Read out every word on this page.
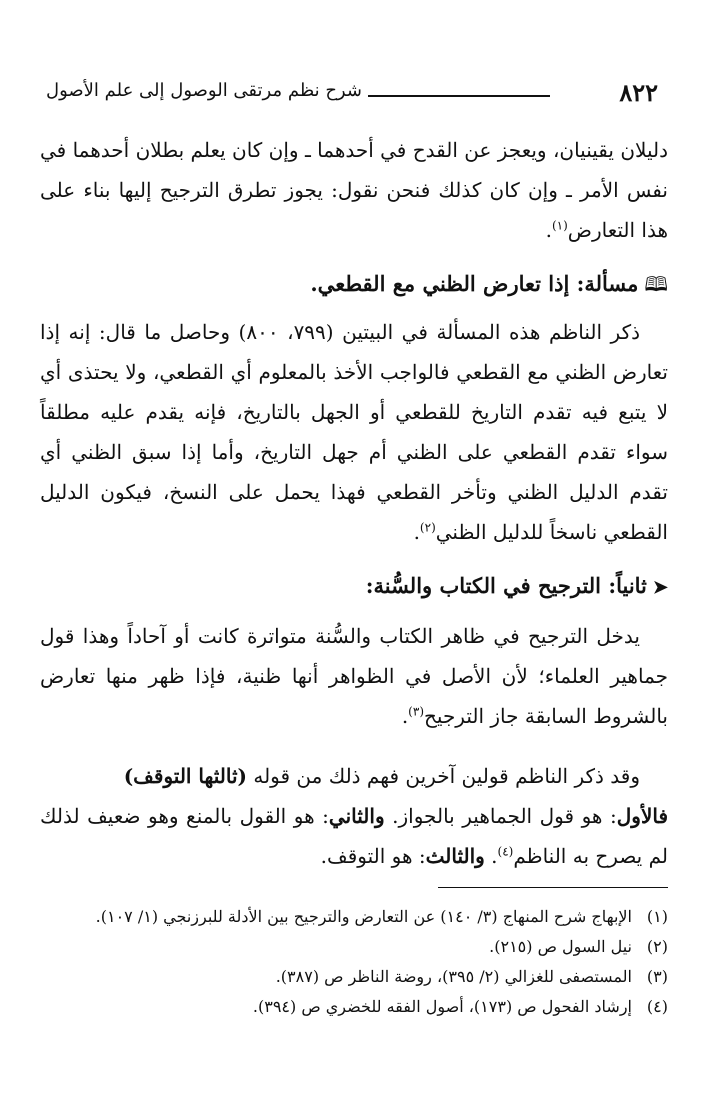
٨٢٢
شرح نظم مرتقى الوصول إلى علم الأصول

دليلان يقينيان، ويعجز عن القدح في أحدهما ـ وإن كان يعلم بطلان أحدهما في نفس الأمر ـ وإن كان كذلك فنحن نقول: يجوز تطرق الترجيح إليها بناء على هذا التعارض$^{(١)}$.

🕮مسألة: إذا تعارض الظني مع القطعي.

ذكر الناظم هذه المسألة في البيتين (٧٩٩، ٨٠٠) وحاصل ما قال: إنه إذا تعارض الظني مع القطعي فالواجب الأخذ بالمعلوم أي القطعي، ولا يحتذى أي لا يتبع فيه تقدم التاريخ للقطعي أو الجهل بالتاريخ، فإنه يقدم عليه مطلقاً سواء تقدم القطعي على الظني أم جهل التاريخ، وأما إذا سبق الظني أي تقدم الدليل الظني وتأخر القطعي فهذا يحمل على النسخ، فيكون الدليل القطعي ناسخاً للدليل الظني$^{(٢)}$.

➤ثانياً: الترجيح في الكتاب والسُّنة:

يدخل الترجيح في ظاهر الكتاب والسُّنة متواترة كانت أو آحاداً وهذا قول جماهير العلماء؛ لأن الأصل في الظواهر أنها ظنية، فإذا ظهر منها تعارض بالشروط السابقة جاز الترجيح$^{(٣)}$.

وقد ذكر الناظم قولين آخرين فهم ذلك من قوله (ثالثها التوقف)

فالأول: هو قول الجماهير بالجواز. والثاني: هو القول بالمنع وهو ضعيف لذلك لم يصرح به الناظم$^{(٤)}$. والثالث: هو التوقف.

(١)الإبهاج شرح المنهاج (٣/ ١٤٠) عن التعارض والترجيح بين الأدلة للبرزنجي (١/ ١٠٧).

(٢)نيل السول ص (٢١٥).

(٣)المستصفى للغزالي (٢/ ٣٩٥)، روضة الناظر ص (٣٨٧).

(٤)إرشاد الفحول ص (١٧٣)، أصول الفقه للخضري ص (٣٩٤).
